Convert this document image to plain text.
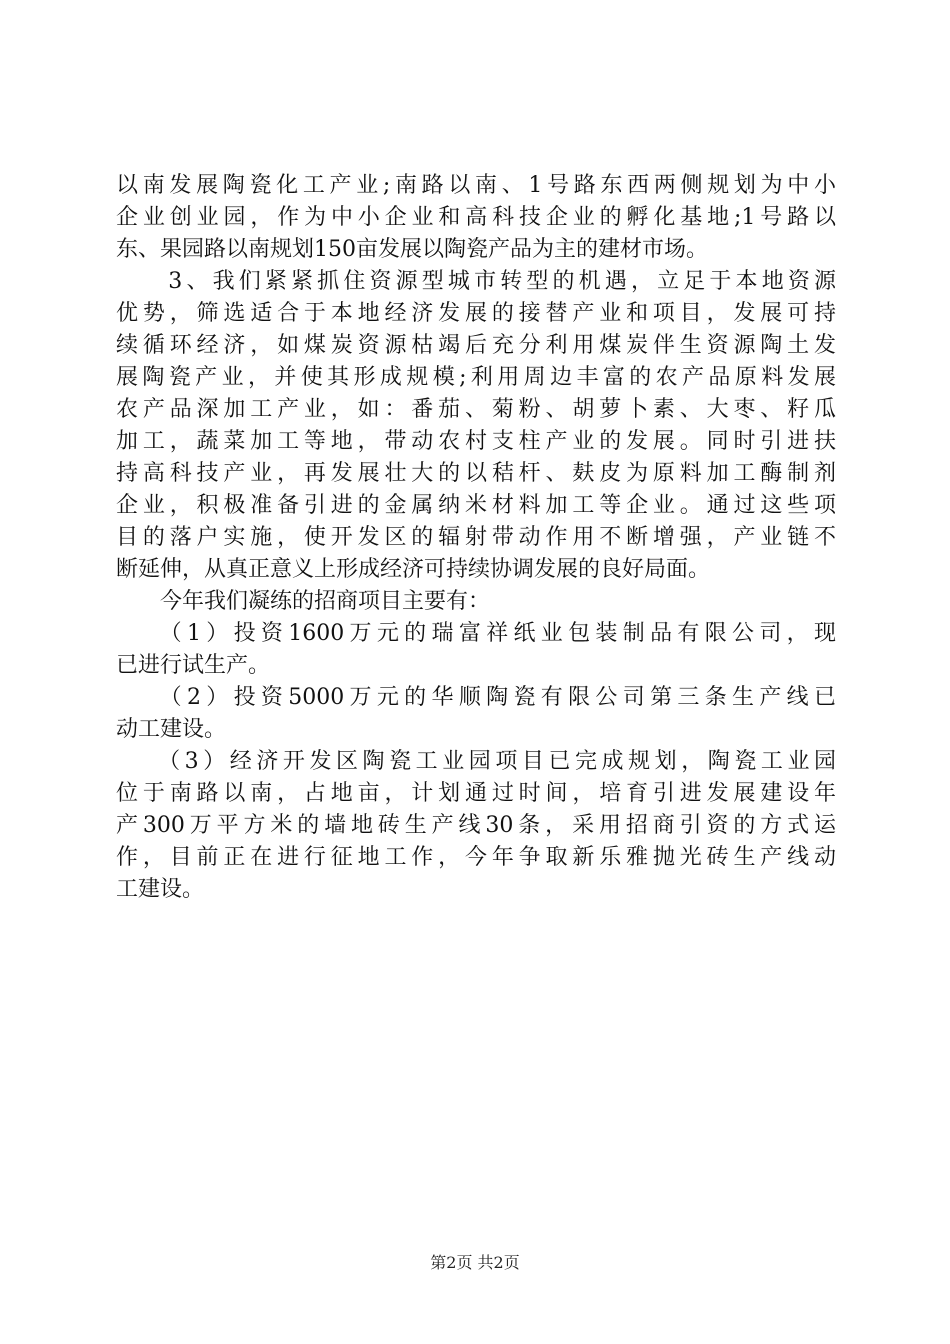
以南发展陶瓷化工产业;南路以南、1号路东西两侧规划为中小
企业创业园，作为中小企业和高科技企业的孵化基地;1号路以
东、果园路以南规划150亩发展以陶瓷产品为主的建材市场。
　　3、我们紧紧抓住资源型城市转型的机遇，立足于本地资源
优势，筛选适合于本地经济发展的接替产业和项目，发展可持
续循环经济，如煤炭资源枯竭后充分利用煤炭伴生资源陶土发
展陶瓷产业，并使其形成规模;利用周边丰富的农产品原料发展
农产品深加工产业，如：番茄、菊粉、胡萝卜素、大枣、籽瓜
加工，蔬菜加工等地，带动农村支柱产业的发展。同时引进扶
持高科技产业，再发展壮大的以秸杆、麸皮为原料加工酶制剂
企业，积极准备引进的金属纳米材料加工等企业。通过这些项
目的落户实施，使开发区的辐射带动作用不断增强，产业链不
断延伸，从真正意义上形成经济可持续协调发展的良好局面。
　　今年我们凝练的招商项目主要有：
　　（1）投资1600万元的瑞富祥纸业包装制品有限公司，现
已进行试生产。
　　（2）投资5000万元的华顺陶瓷有限公司第三条生产线已
动工建设。
　　（3）经济开发区陶瓷工业园项目已完成规划，陶瓷工业园
位于南路以南，占地亩，计划通过时间，培育引进发展建设年
产300万平方米的墙地砖生产线30条，采用招商引资的方式运
作，目前正在进行征地工作，今年争取新乐雅抛光砖生产线动
工建设。
第2页 共2页
